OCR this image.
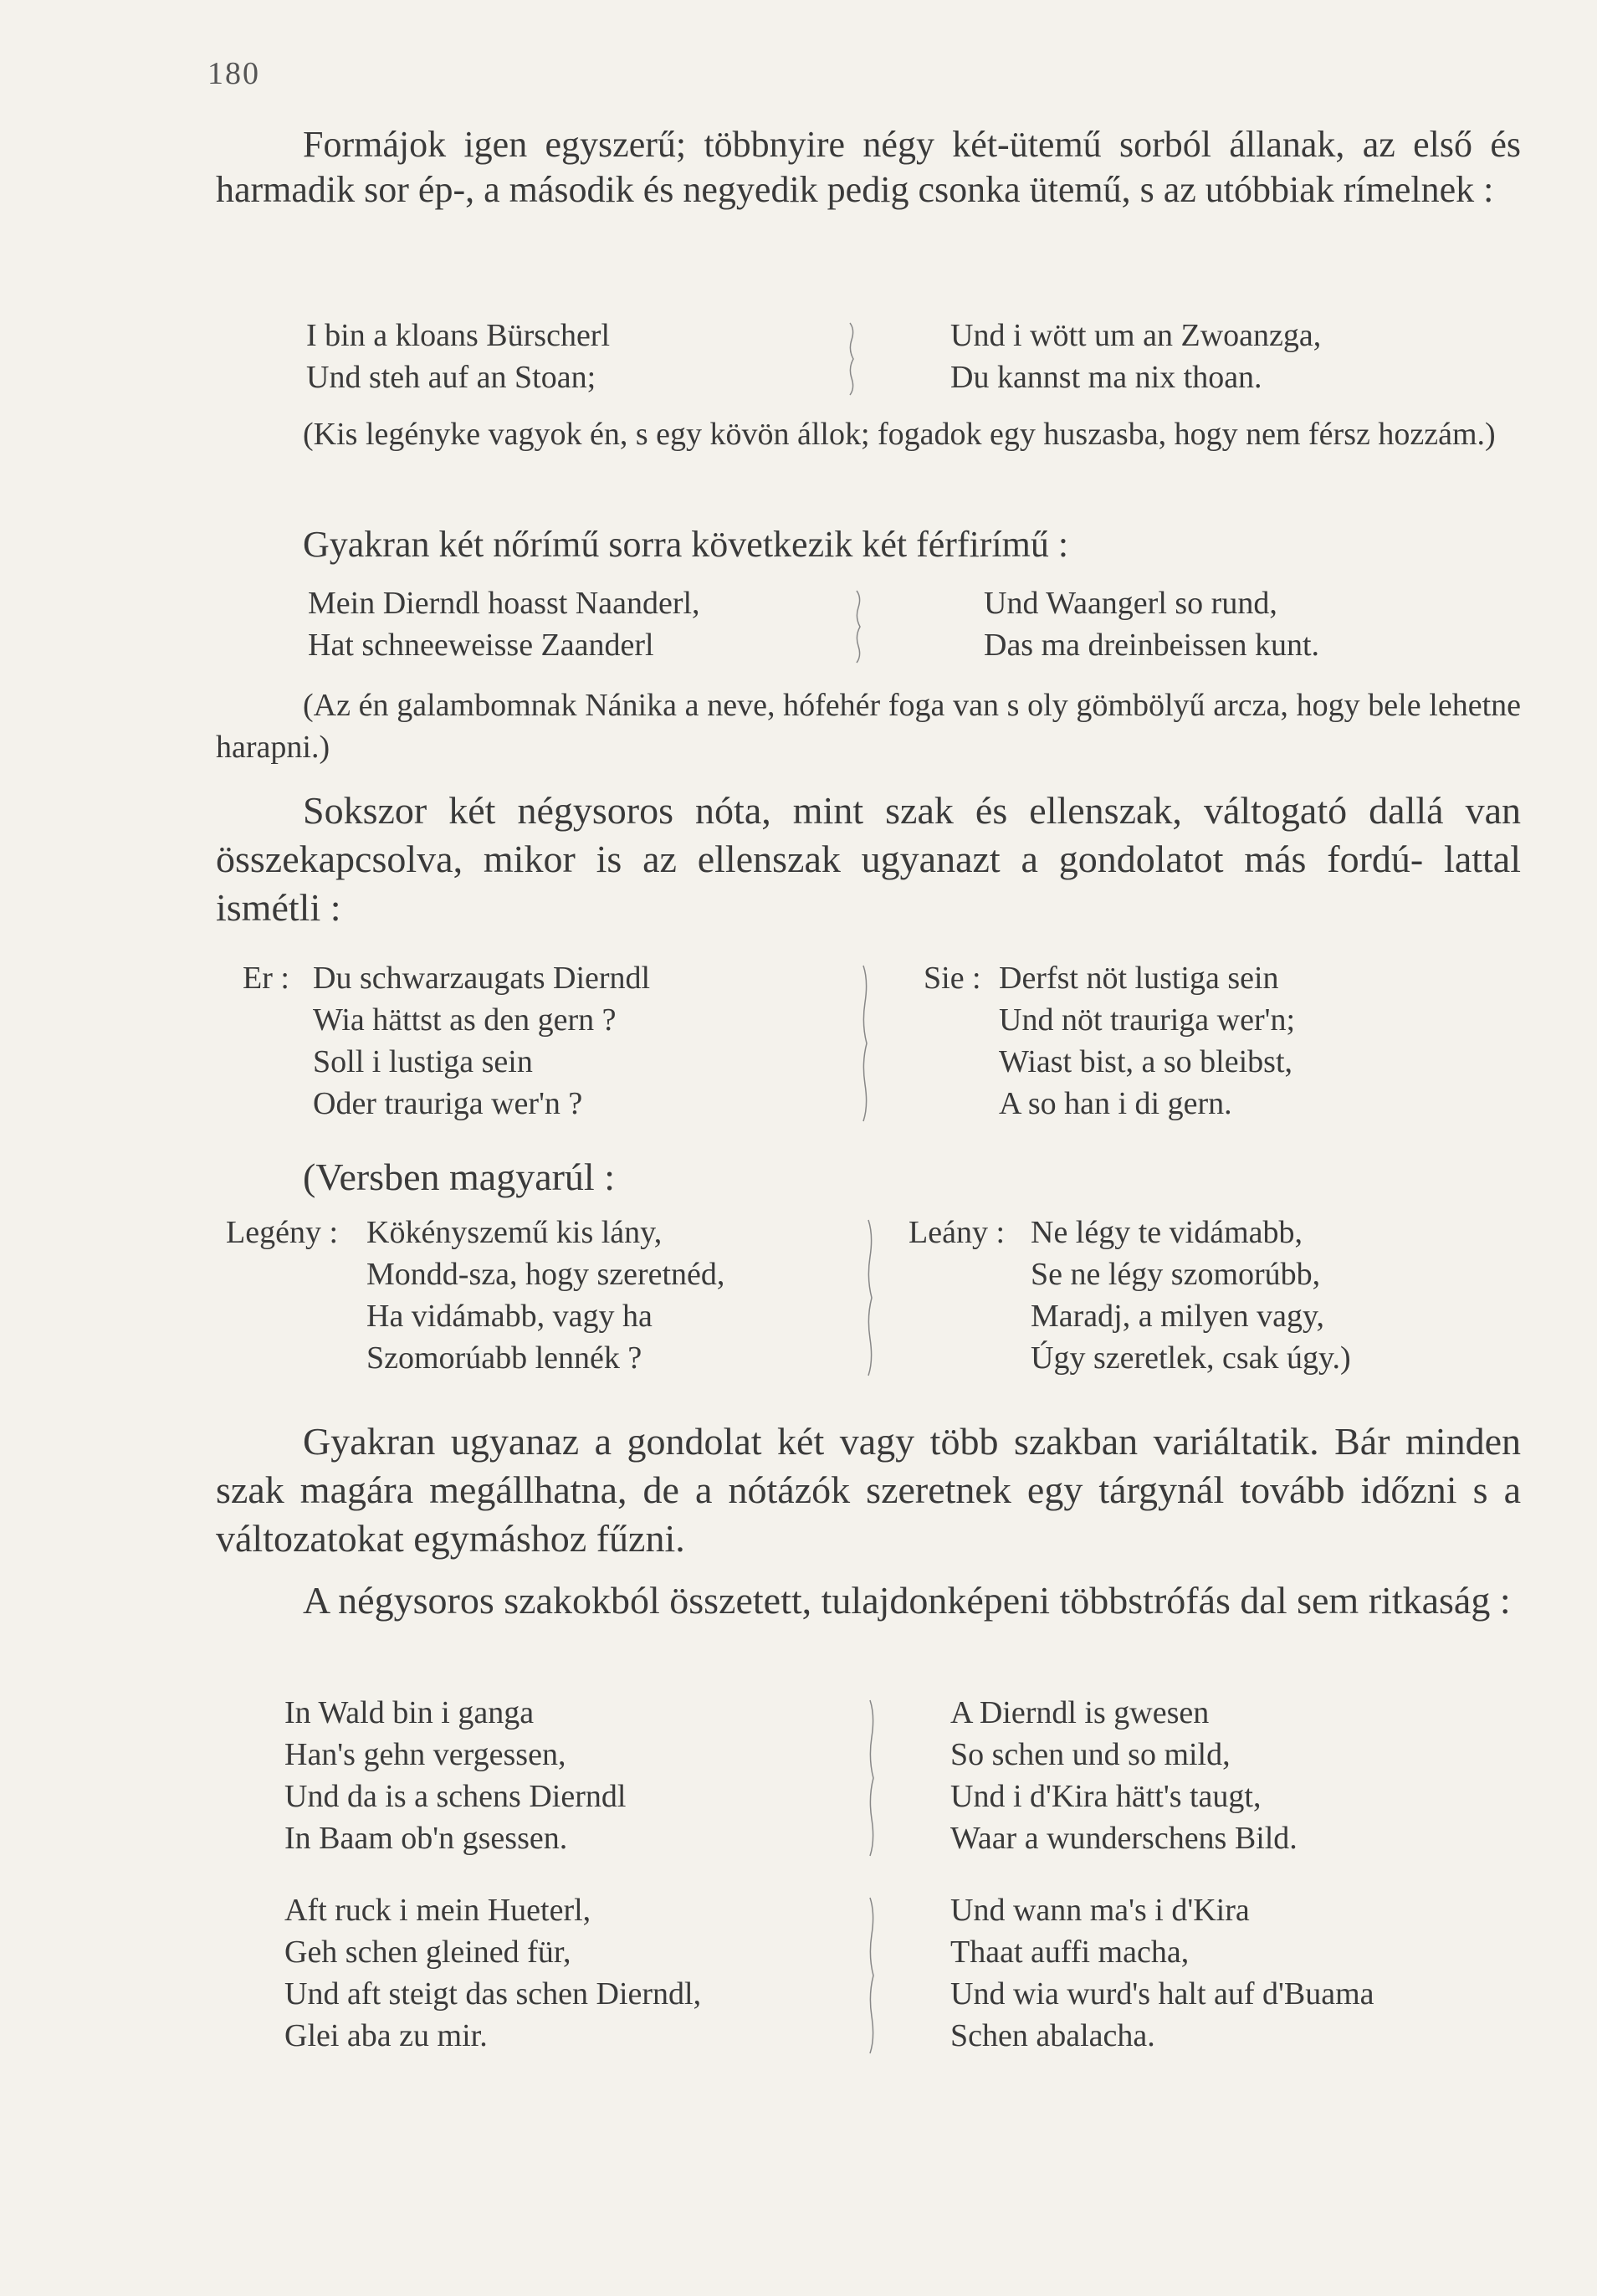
180
Formájok igen egyszerű; többnyire négy két-ütemű sorból állanak, az első és harmadik sor ép-, a második és negyedik pedig csonka ütemű, s az utóbbiak rímelnek :
I bin a kloans Bürscherl
Und steh auf an Stoan;
Und i wött um an Zwoanzga,
Du kannst ma nix thoan.
(Kis legényke vagyok én, s egy kövön állok; fogadok egy huszasba, hogy nem férsz hozzám.)
Gyakran két nőrímű sorra következik két férfirímű :
Mein Dierndl hoasst Naanderl,
Hat schneeweisse Zaanderl
Und Waangerl so rund,
Das ma dreinbeissen kunt.
(Az én galambomnak Nánika a neve, hófehér foga van s oly gömbölyű arcza, hogy bele lehetne harapni.)
Sokszor két négysoros nóta, mint szak és ellenszak, váltogató dallá van összekapcsolva, mikor is az ellenszak ugyanazt a gondolatot más fordú- lattal ismétli :
Er : Du schwarzaugats Dierndl
Wia hättst as den gern ?
Soll i lustiga sein
Oder trauriga wer'n ?
Sie : Derfst nöt lustiga sein
Und nöt trauriga wer'n;
Wiast bist, a so bleibst,
A so han i di gern.
(Versben magyarúl :
Legény : Kökényszemű kis lány,
Mondd-sza, hogy szeretnéd,
Ha vidámabb, vagy ha
Szomorúabb lennék ?
Leány : Ne légy te vidámabb,
Se ne légy szomorúbb,
Maradj, a milyen vagy,
Úgy szeretlek, csak úgy.)
Gyakran ugyanaz a gondolat két vagy több szakban variáltatik. Bár minden szak magára megállhatna, de a nótázók szeretnek egy tárgynál tovább időzni s a változatokat egymáshoz fűzni.
A négysoros szakokból összetett, tulajdonképeni többstrófás dal sem ritkaság :
In Wald bin i ganga
Han's gehn vergessen,
Und da is a schens Dierndl
In Baam ob'n gsessen.
A Dierndl is gwesen
So schen und so mild,
Und i d'Kira hätt's taugt,
Waar a wunderschens Bild.
Aft ruck i mein Hueterl,
Geh schen gleined für,
Und aft steigt das schen Dierndl,
Glei aba zu mir.
Und wann ma's i d'Kira
Thaat auffi macha,
Und wia wurd's halt auf d'Buama
Schen abalacha.
